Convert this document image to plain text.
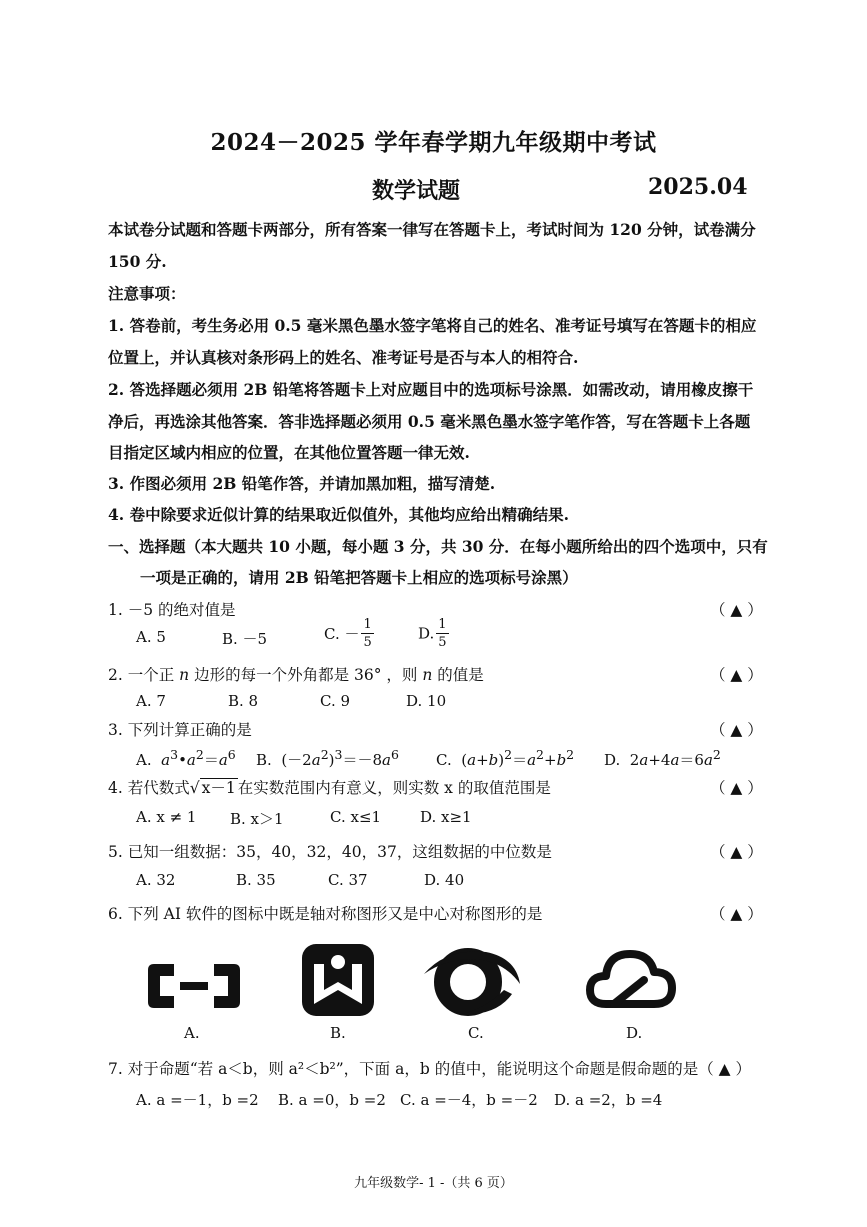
2024－2025 学年春学期九年级期中考试
数学试题	2025.04
本试卷分试题和答题卡两部分，所有答案一律写在答题卡上，考试时间为 120 分钟，试卷满分
150 分.
注意事项：
1. 答卷前，考生务必用 0.5 毫米黑色墨水签字笔将自己的姓名、准考证号填写在答题卡的相应
位置上，并认真核对条形码上的姓名、准考证号是否与本人的相符合.
2. 答选择题必须用 2B 铅笔将答题卡上对应题目中的选项标号涂黑．如需改动，请用橡皮擦干
净后，再选涂其他答案．答非选择题必须用 0.5 毫米黑色墨水签字笔作答，写在答题卡上各题
目指定区域内相应的位置，在其他位置答题一律无效.
3. 作图必须用 2B 铅笔作答，并请加黑加粗，描写清楚.
4. 卷中除要求近似计算的结果取近似值外，其他均应给出精确结果.
一、选择题（本大题共 10 小题，每小题 3 分，共 30 分．在每小题所给出的四个选项中，只有
一项是正确的，请用 2B 铅笔把答题卡上相应的选项标号涂黑）
1. －5 的绝对值是	（ ▲ ）
A. 5	B. －5	C. － $\frac{1}{5}$	D. $\frac{1}{5}$
2. 一个正 n 边形的每一个外角都是 36° ，则 n 的值是	（ ▲ ）
A. 7	B. 8	C. 9	D. 10
3. 下列计算正确的是	（ ▲ ）
A. $a^3•a^2=a^6$ B.  $(-2a^2)^3=-8a^6$ C.  $(a+b)^2=a^2+b^2$ D.  $2a+4a=6a^2$
4. 若代数式√ x－1 在实数范围内有意义，则实数 x 的取值范围是	（ ▲ ）
A. x ≠ 1 B. x＞1	C. x≤1	D. x≥1
5. 已知一组数据：35，40，32，40，37，这组数据的中位数是	（ ▲ ）
A. 32	B. 35	C. 37	D. 40
6. 下列 AI 软件的图标中既是轴对称图形又是中心对称图形的是	（ ▲ ）
A.	B.	C.	D.
7. 对于命题“若 a＜b，则 a²＜b²”，下面 a，b 的值中，能说明这个命题是假命题的是（ ▲ ）
A. a =－1，b =2 B. a =0，b =2 C. a =－4，b =－2 D. a =2，b =4
九年级数学- 1 -（共 6 页）
